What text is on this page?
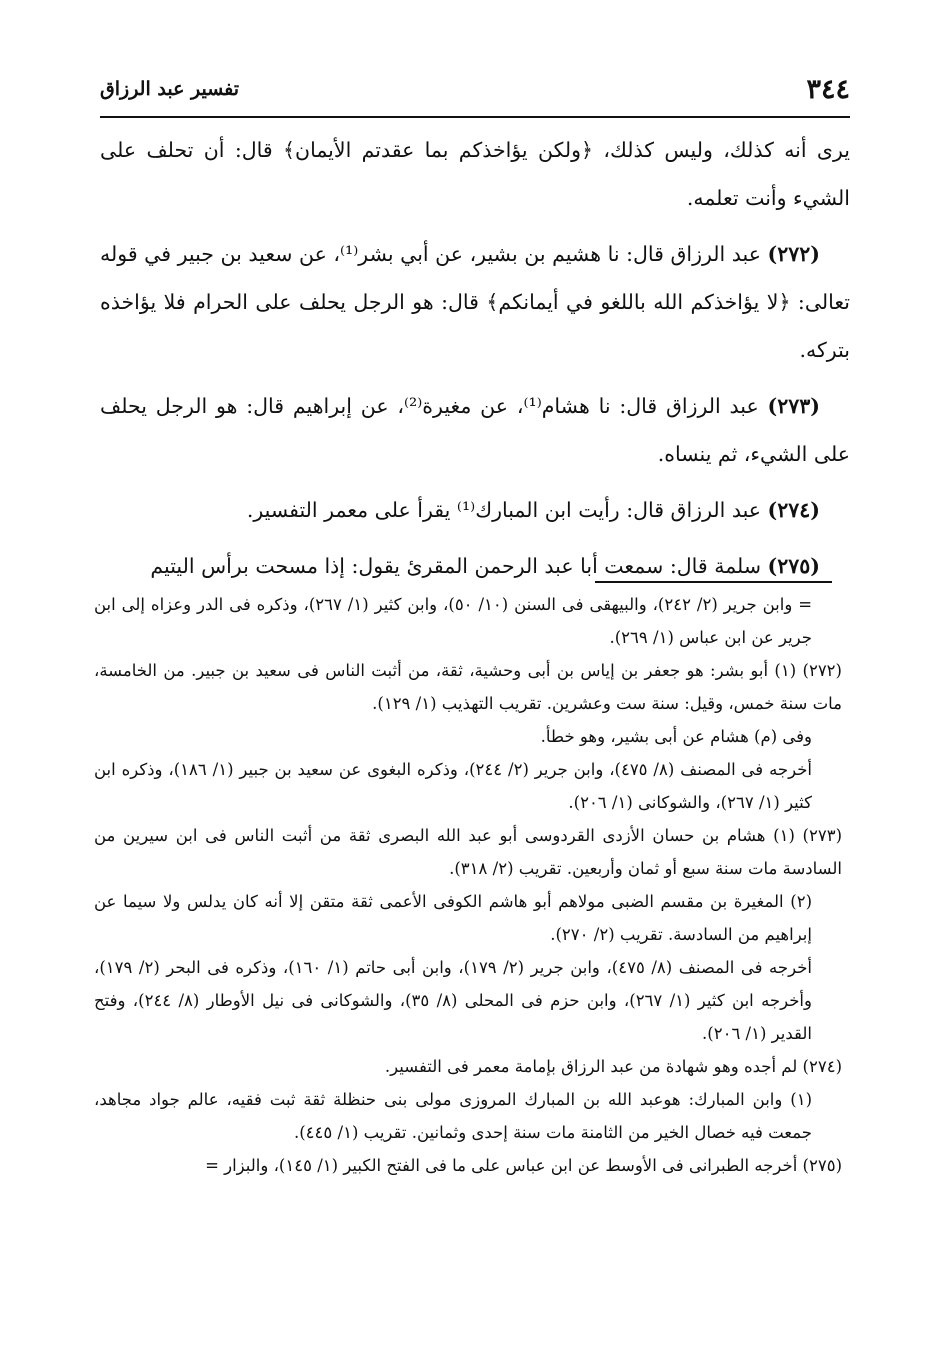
٣٤٤
تفسير عبد الرزاق

يرى أنه كذلك، وليس كذلك، ﴿ولكن يؤاخذكم بما عقدتم الأيمان﴾ قال: أن تحلف على الشيء وأنت تعلمه.

(٢٧٢) عبد الرزاق قال: نا هشيم بن بشير، عن أبي بشر⁽¹⁾، عن سعيد بن جبير في قوله تعالى: ﴿لا يؤاخذكم الله باللغو في أيمانكم﴾ قال: هو الرجل يحلف على الحرام فلا يؤاخذه بتركه.

(٢٧٣) عبد الرزاق قال: نا هشام⁽¹⁾، عن مغيرة⁽²⁾، عن إبراهيم قال: هو الرجل يحلف على الشيء، ثم ينساه.

(٢٧٤) عبد الرزاق قال: رأيت ابن المبارك⁽¹⁾ يقرأ على معمر التفسير.

(٢٧٥) سلمة قال: سمعت أبا عبد الرحمن المقرئ يقول: إذا مسحت برأس اليتيم

= وابن جرير (٢/ ٢٤٢)، والبيهقى فى السنن (١٠/ ٥٠)، وابن كثير (١/ ٢٦٧)، وذكره فى الدر وعزاه إلى ابن جرير عن ابن عباس (١/ ٢٦٩).

(٢٧٢) (١) أبو بشر: هو جعفر بن إياس بن أبى وحشية، ثقة، من أثبت الناس فى سعيد بن جبير. من الخامسة، مات سنة خمس، وقيل: سنة ست وعشرين. تقريب التهذيب (١/ ١٢٩).

وفى (م) هشام عن أبى بشير، وهو خطأ.

أخرجه فى المصنف (٨/ ٤٧٥)، وابن جرير (٢/ ٢٤٤)، وذكره البغوى عن سعيد بن جبير (١/ ١٨٦)، وذكره ابن كثير (١/ ٢٦٧)، والشوكانى (١/ ٢٠٦).

(٢٧٣) (١) هشام بن حسان الأزدى القردوسى أبو عبد الله البصرى ثقة من أثبت الناس فى ابن سيرين من السادسة مات سنة سبع أو ثمان وأربعين. تقريب (٢/ ٣١٨).

(٢) المغيرة بن مقسم الضبى مولاهم أبو هاشم الكوفى الأعمى ثقة متقن إلا أنه كان يدلس ولا سيما عن إبراهيم من السادسة. تقريب (٢/ ٢٧٠).

أخرجه فى المصنف (٨/ ٤٧٥)، وابن جرير (٢/ ١٧٩)، وابن أبى حاتم (١/ ١٦٠)، وذكره فى البحر (٢/ ١٧٩)، وأخرجه ابن كثير (١/ ٢٦٧)، وابن حزم فى المحلى (٨/ ٣٥)، والشوكانى فى نيل الأوطار (٨/ ٢٤٤)، وفتح القدير (١/ ٢٠٦).

(٢٧٤) لم أجده وهو شهادة من عبد الرزاق بإمامة معمر فى التفسير.

(١) وابن المبارك: هوعبد الله بن المبارك المروزى مولى بنى حنظلة ثقة ثبت فقيه، عالم جواد مجاهد، جمعت فيه خصال الخير من الثامنة مات سنة إحدى وثمانين. تقريب (١/ ٤٤٥).

(٢٧٥) أخرجه الطبرانى فى الأوسط عن ابن عباس على ما فى الفتح الكبير (١/ ١٤٥)، والبزار =
